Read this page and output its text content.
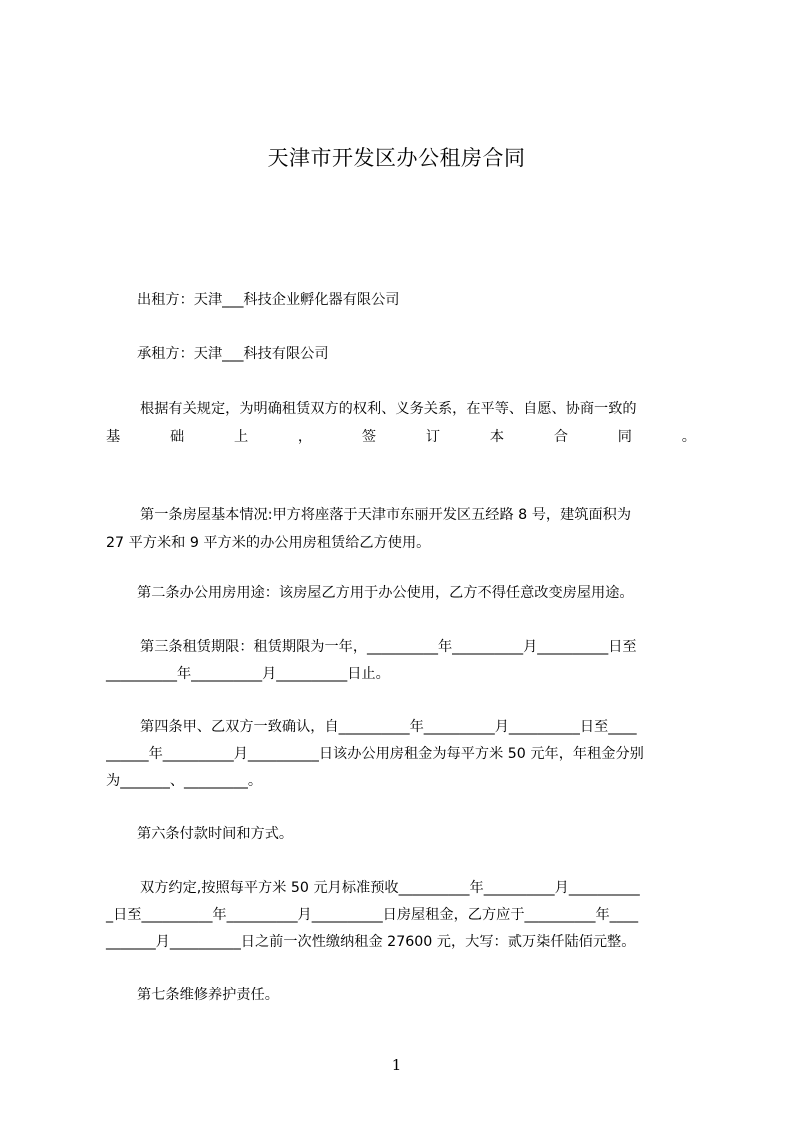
天津市开发区办公租房合同
出租方：天津___科技企业孵化器有限公司
承租方：天津___科技有限公司
根据有关规定，为明确租赁双方的权利、义务关系，在平等、自愿、协商一致的
基	础	上	，	签	订	本	合	同	。
第一条房屋基本情况:甲方将座落于天津市东丽开发区五经路 8 号，建筑面积为
27 平方米和 9 平方米的办公用房租赁给乙方使用。
第二条办公用房用途：该房屋乙方用于办公使用，乙方不得任意改变房屋用途。
第三条租赁期限：租赁期限为一年，__________年__________月__________日至
__________年__________月__________日止。
第四条甲、乙双方一致确认，自__________年__________月__________日至____
______年__________月__________日该办公用房租金为每平方米 50 元年，年租金分别
为_______、_________。
第六条付款时间和方式。
双方约定,按照每平方米 50 元月标准预收__________年__________月__________
_日至__________年__________月__________日房屋租金，乙方应于__________年____
_______月__________日之前一次性缴纳租金 27600 元，大写：贰万柒仟陆佰元整。
第七条维修养护责任。
1
